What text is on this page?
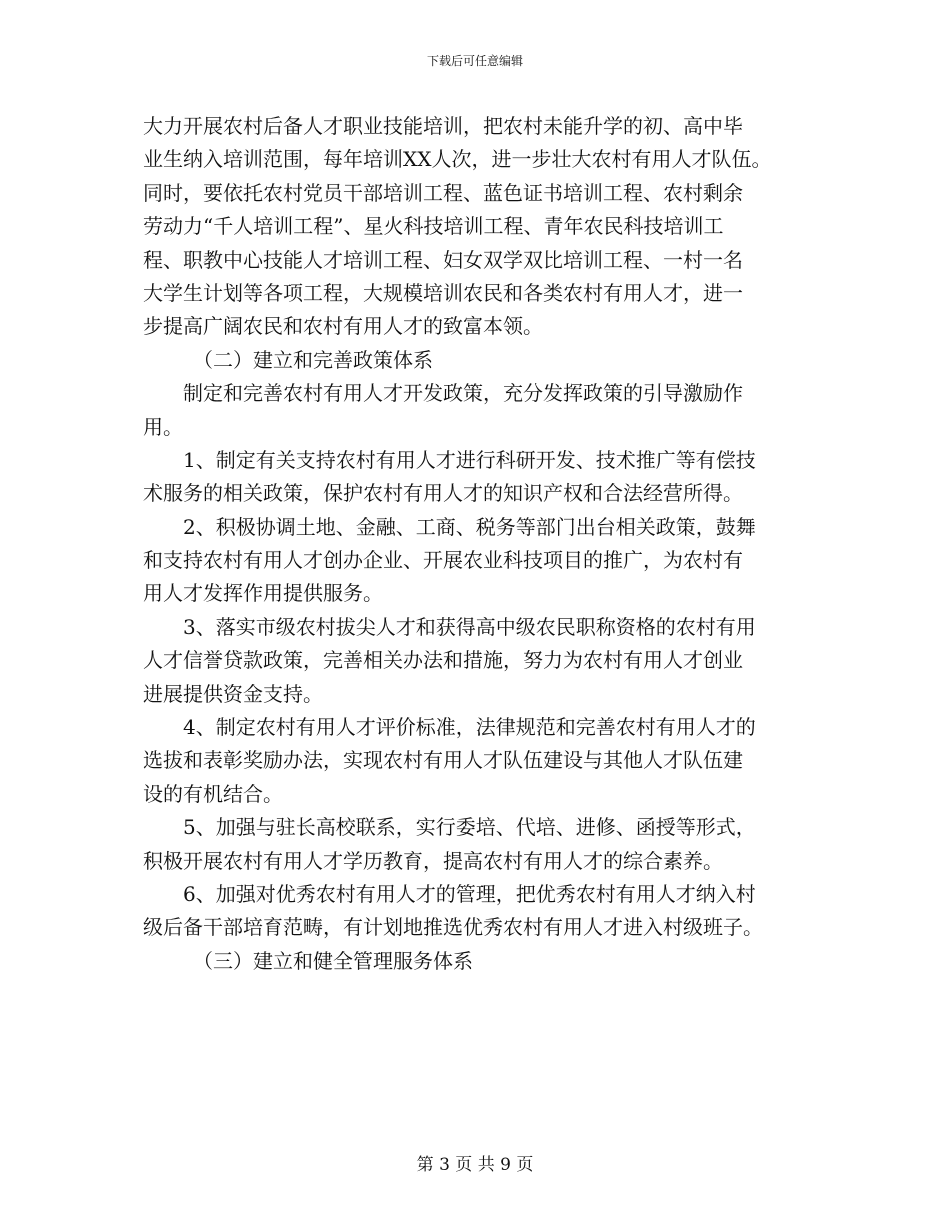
下载后可任意编辑
大力开展农村后备人才职业技能培训，把农村未能升学的初、高中毕
业生纳入培训范围，每年培训XX人次，进一步壮大农村有用人才队伍。
同时，要依托农村党员干部培训工程、蓝色证书培训工程、农村剩余
劳动力“千人培训工程”、星火科技培训工程、青年农民科技培训工
程、职教中心技能人才培训工程、妇女双学双比培训工程、一村一名
大学生计划等各项工程，大规模培训农民和各类农村有用人才，进一
步提高广阔农民和农村有用人才的致富本领。
（二）建立和完善政策体系
制定和完善农村有用人才开发政策，充分发挥政策的引导激励作
用。
1、制定有关支持农村有用人才进行科研开发、技术推广等有偿技
术服务的相关政策，保护农村有用人才的知识产权和合法经营所得。
2、积极协调土地、金融、工商、税务等部门出台相关政策，鼓舞
和支持农村有用人才创办企业、开展农业科技项目的推广，为农村有
用人才发挥作用提供服务。
3、落实市级农村拔尖人才和获得高中级农民职称资格的农村有用
人才信誉贷款政策，完善相关办法和措施，努力为农村有用人才创业
进展提供资金支持。
4、制定农村有用人才评价标准，法律规范和完善农村有用人才的
选拔和表彰奖励办法，实现农村有用人才队伍建设与其他人才队伍建
设的有机结合。
5、加强与驻长高校联系，实行委培、代培、进修、函授等形式，
积极开展农村有用人才学历教育，提高农村有用人才的综合素养。
6、加强对优秀农村有用人才的管理，把优秀农村有用人才纳入村
级后备干部培育范畴，有计划地推选优秀农村有用人才进入村级班子。
（三）建立和健全管理服务体系
第 3 页 共 9 页
